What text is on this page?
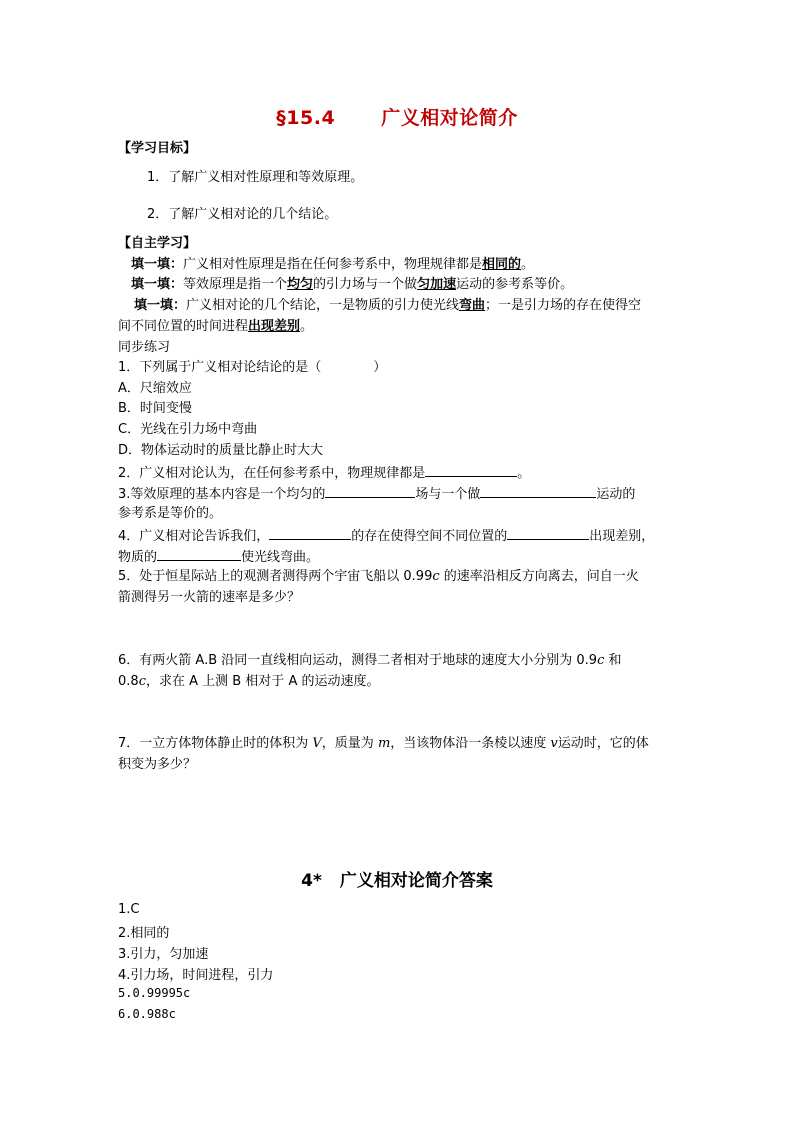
§15.4 广义相对论简介
【学习目标】
1．了解广义相对性原理和等效原理。
2．了解广义相对论的几个结论。
【自主学习】
填一填：广义相对性原理是指在任何参考系中，物理规律都是相同的。
填一填：等效原理是指一个均匀的引力场与一个做匀加速运动的参考系等价。
填一填：广义相对论的几个结论，一是物质的引力使光线弯曲；一是引力场的存在使得空
间不同位置的时间进程出现差别。
同步练习
1．下列属于广义相对论结论的是（　　　　）
A．尺缩效应
B．时间变慢
C．光线在引力场中弯曲
D．物体运动时的质量比静止时大大
2．广义相对论认为，在任何参考系中，物理规律都是	。
3.等效原理的基本内容是一个均匀的	场与一个做	运动的
参考系是等价的。
4．广义相对论告诉我们，	的存在使得空间不同位置的	出现差别，
物质的	使光线弯曲。
5．处于恒星际站上的观测者测得两个宇宙飞船以 0.99c 的速率沿相反方向离去，问自一火
箭测得另一火箭的速率是多少？
6．有两火箭 A.B 沿同一直线相向运动，测得二者相对于地球的速度大小分别为 0.9c 和
0.8c，求在 A 上测 B 相对于 A 的运动速度。
7．一立方体物体静止时的体积为 V，质量为 m，当该物体沿一条棱以速度 v运动时，它的体
积变为多少？
4* 广义相对论简介答案
1.C
2.相同的
3.引力，匀加速
4.引力场，时间进程，引力
5.0.99995c
6.0.988c
